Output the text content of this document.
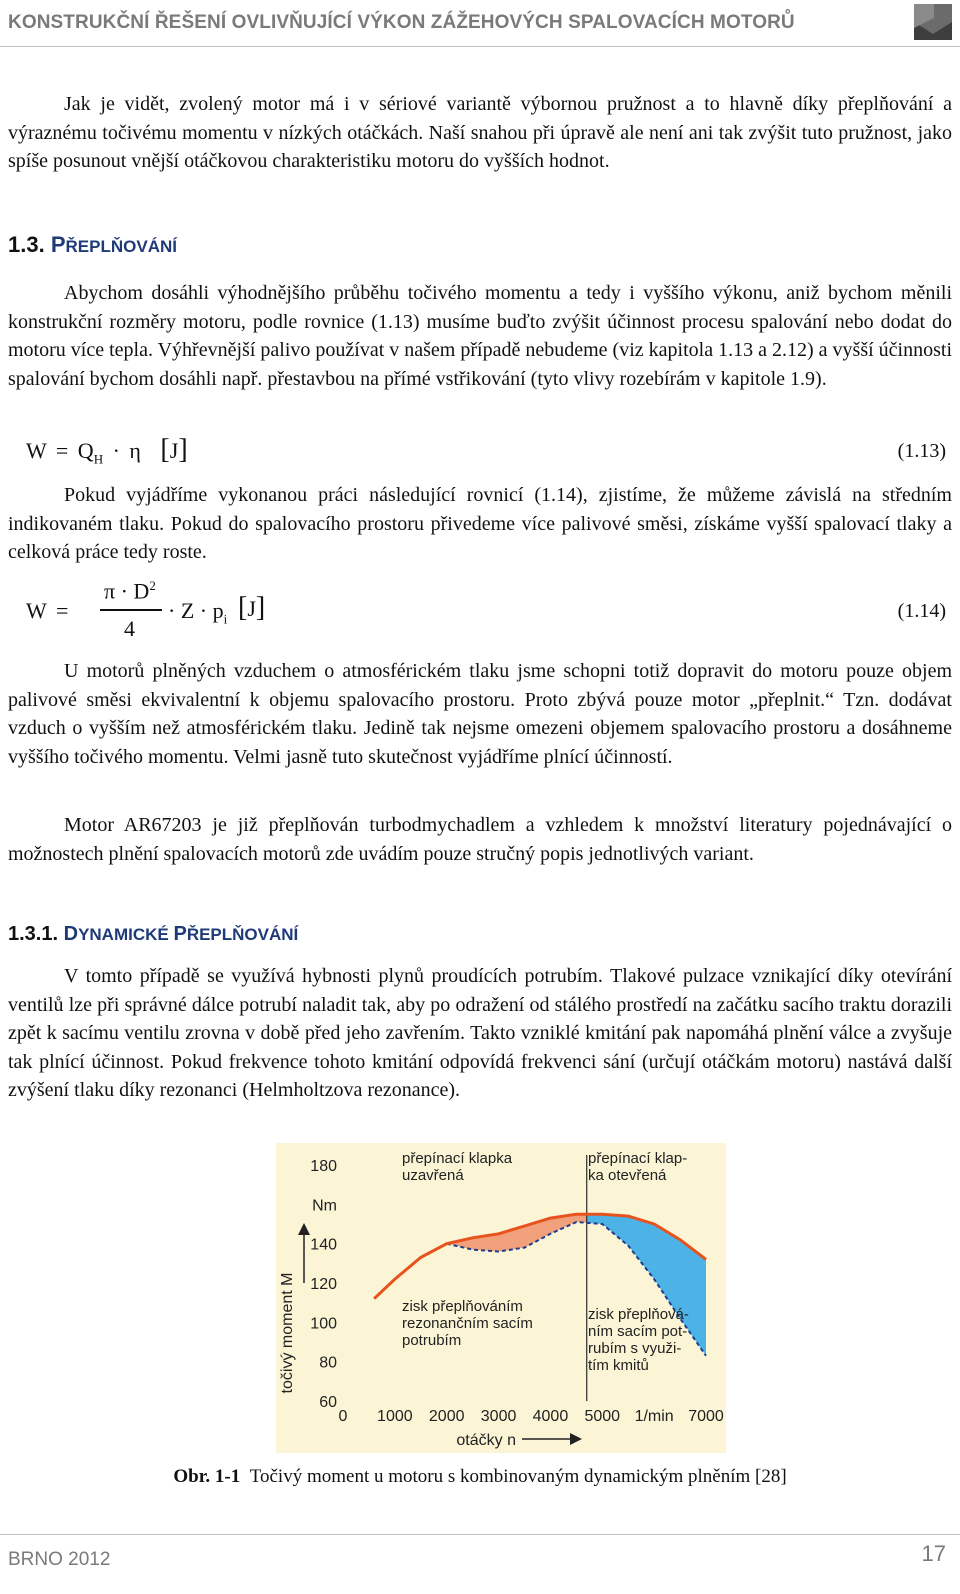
KONSTRUKČNÍ ŘEŠENÍ OVLIVŇUJÍCÍ VÝKON ZÁŽEHOVÝCH SPALOVACÍCH MOTORŮ
Jak je vidět, zvolený motor má i v sériové variantě výbornou pružnost a to hlavně díky přeplňování a výraznému točivému momentu v nízkých otáčkách. Naší snahou při úpravě ale není ani tak zvýšit tuto pružnost, jako spíše posunout vnější otáčkovou charakteristiku motoru do vyšších hodnot.
1.3. PŘEPLŇOVÁNÍ
Abychom dosáhli výhodnějšího průběhu točivého momentu a tedy i vyššího výkonu, aniž bychom měnili konstrukční rozměry motoru, podle rovnice (1.13) musíme buďto zvýšit účinnost procesu spalování nebo dodat do motoru více tepla. Výhřevnější palivo používat v našem případě nebudeme (viz kapitola 1.13 a 2.12) a vyšší účinnosti spalování bychom dosáhli např. přestavbou na přímé vstřikování (tyto vlivy rozebírám v kapitole 1.9).
$W = Q_H \cdot \eta$ [J]	(1.13)
Pokud vyjádříme vykonanou práci následující rovnicí (1.14), zjistíme, že můžeme závislá na středním indikovaném tlaku. Pokud do spalovacího prostoru přivedeme více palivové směsi, získáme vyšší spalovací tlaky a celková práce tedy roste.
W =
$\pi \cdot D^2$
4
· $Z \cdot p_i$ [J]	(1.14)
U motorů plněných vzduchem o atmosférickém tlaku jsme schopni totiž dopravit do motoru pouze objem palivové směsi ekvivalentní k objemu spalovacího prostoru. Proto zbývá pouze motor „přeplnit.“ Tzn. dodávat vzduch o vyšším než atmosférickém tlaku. Jedině tak nejsme omezeni objemem spalovacího prostoru a dosáhneme vyššího točivého momentu. Velmi jasně tuto skutečnost vyjádříme plnící účinností.
Motor AR67203 je již přeplňován turbodmychadlem a vzhledem k množství literatury pojednávající o možnostech plnění spalovacích motorů zde uvádím pouze stručný popis jednotlivých variant.
1.3.1. DYNAMICKÉ PŘEPLŇOVÁNÍ
V tomto případě se využívá hybnosti plynů proudících potrubím. Tlakové pulzace vznikající díky otevírání ventilů lze při správné dálce potrubí naladit tak, aby po odražení od stálého prostředí na začátku sacího traktu dorazili zpět k sacímu ventilu zrovna v době před jeho zavřením. Takto vzniklé kmitání pak napomáhá plnění válce a zvyšuje tak plnící účinnost. Pokud frekvence tohoto kmitání odpovídá frekvenci sání (určují otáčkám motoru) nastává další zvýšení tlaku díky rezonanci (Helmholtzova rezonance).
180
140
120
100
80
60
Nm
0 1000 2000 3000 4000 5000	7000
1/min
točivý moment M
otáčky n
přepínací klapka uzavřená
přepínací klap-ka otevřená
zisk přeplňováním rezonančním sacím potrubím
zisk přeplňová-ním sacím pot-rubím s využi-tím kmitů
Obr. 1-1 Točivý moment u motoru s kombinovaným dynamickým plněním [28]
BRNO 2012	17
